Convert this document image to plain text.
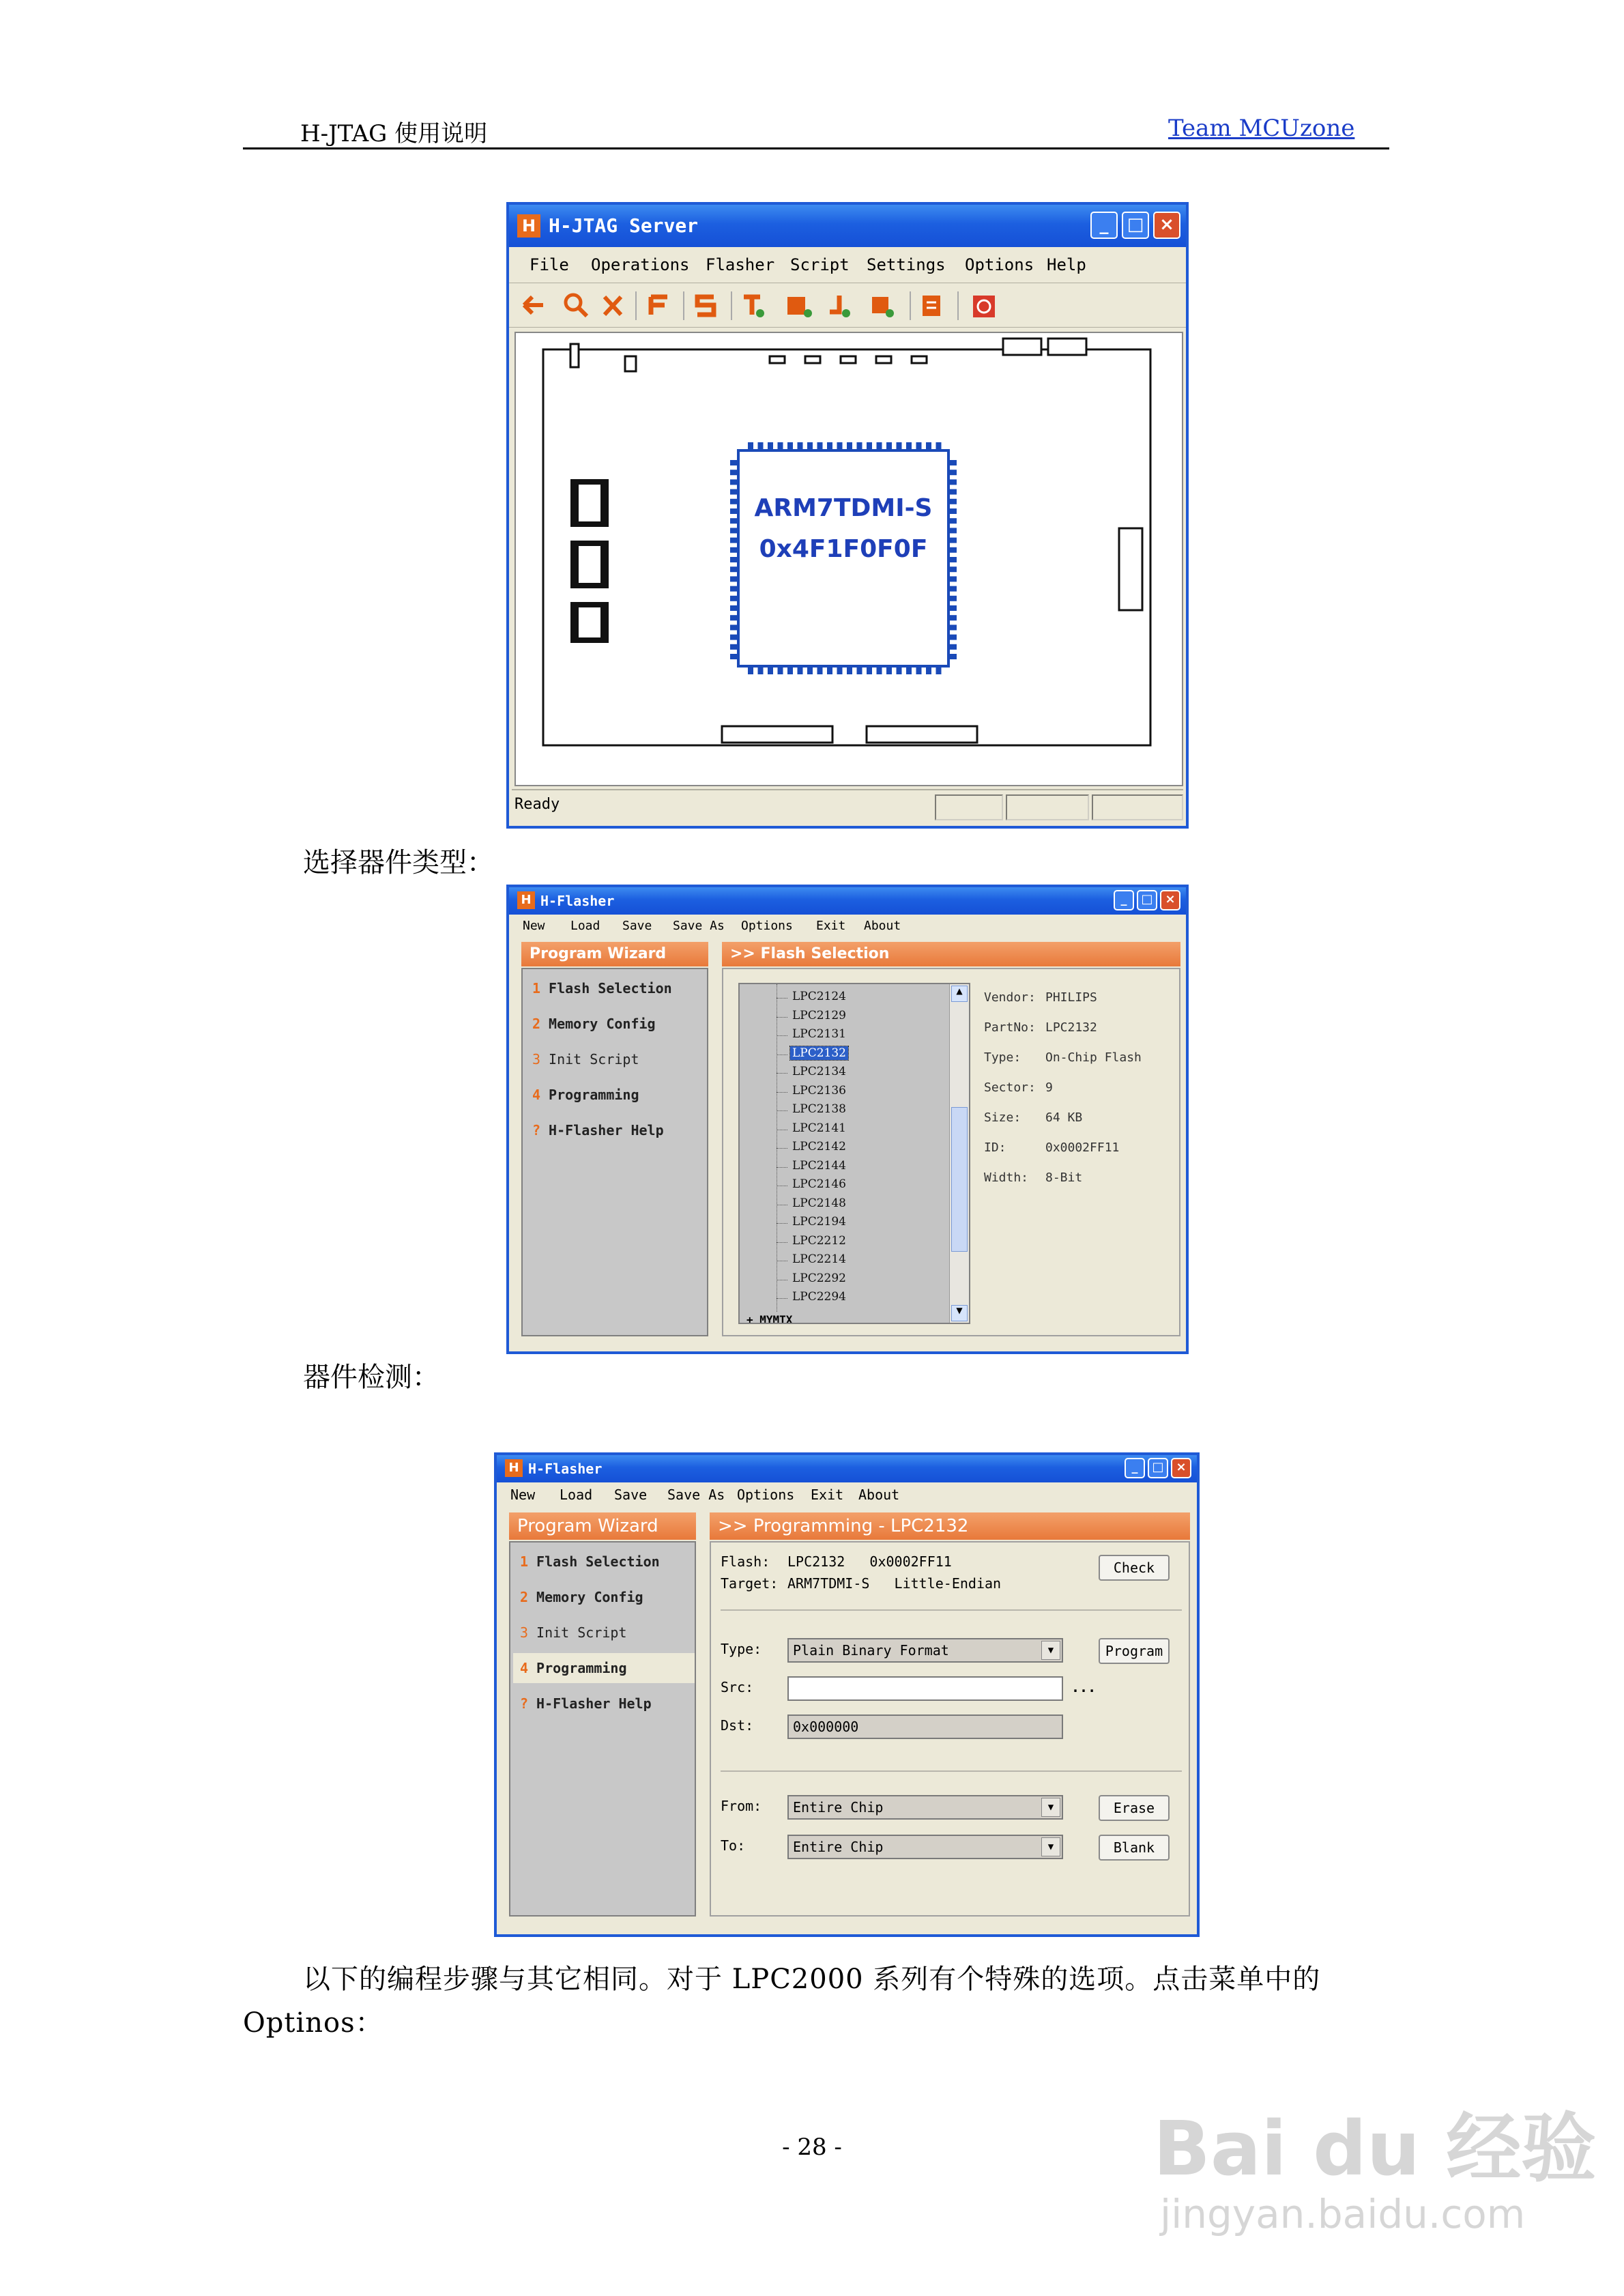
H-JTAG 使用说明	Team MCUzone
H H-JTAG Server	_	□ ×
File Operations Flasher Script Settings Options Help
ARM7TDMI-S
0x4F1F0F0F
Ready
选择器件类型：
H H-Flasher	_	□ ×
New Load Save Save As Options Exit About
Program Wizard
1 Flash Selection
2 Memory Config
3 Init Script
4 Programming
? H-Flasher Help
>> Flash Selection
LPC2124
LPC2129
LPC2131
LPC2132
LPC2134
LPC2136
LPC2138
LPC2141
LPC2142
LPC2144
LPC2146
LPC2148
LPC2194
LPC2212
LPC2214
LPC2292
LPC2294
▲
▼
+ MYMTX
Vendor: PHILIPS
PartNo: LPC2132
Type: On-Chip Flash
Sector: 9
Size: 64 KB
ID:	0x0002FF11
Width: 8-Bit
器件检测：
H H-Flasher	_	□ ×
New Load Save Save As Options Exit About
Program Wizard
1 Flash Selection
2 Memory Config
3 Init Script
4 Programming
? H-Flasher Help
>> Programming - LPC2132
Flash: LPC2132   0x0002FF11
Target: ARM7TDMI-S   Little-Endian
Check
Type:	Plain Binary Format	▼	Program
Src:	...
Dst:	0x000000
From:	Entire Chip	▼	Erase
To:	Entire Chip	▼	Blank
以下的编程步骤与其它相同。对于 LPC2000 系列有个特殊的选项。点击菜单中的
Optinos：
- 28 -	Bai du 经验
jingyan.baidu.com
